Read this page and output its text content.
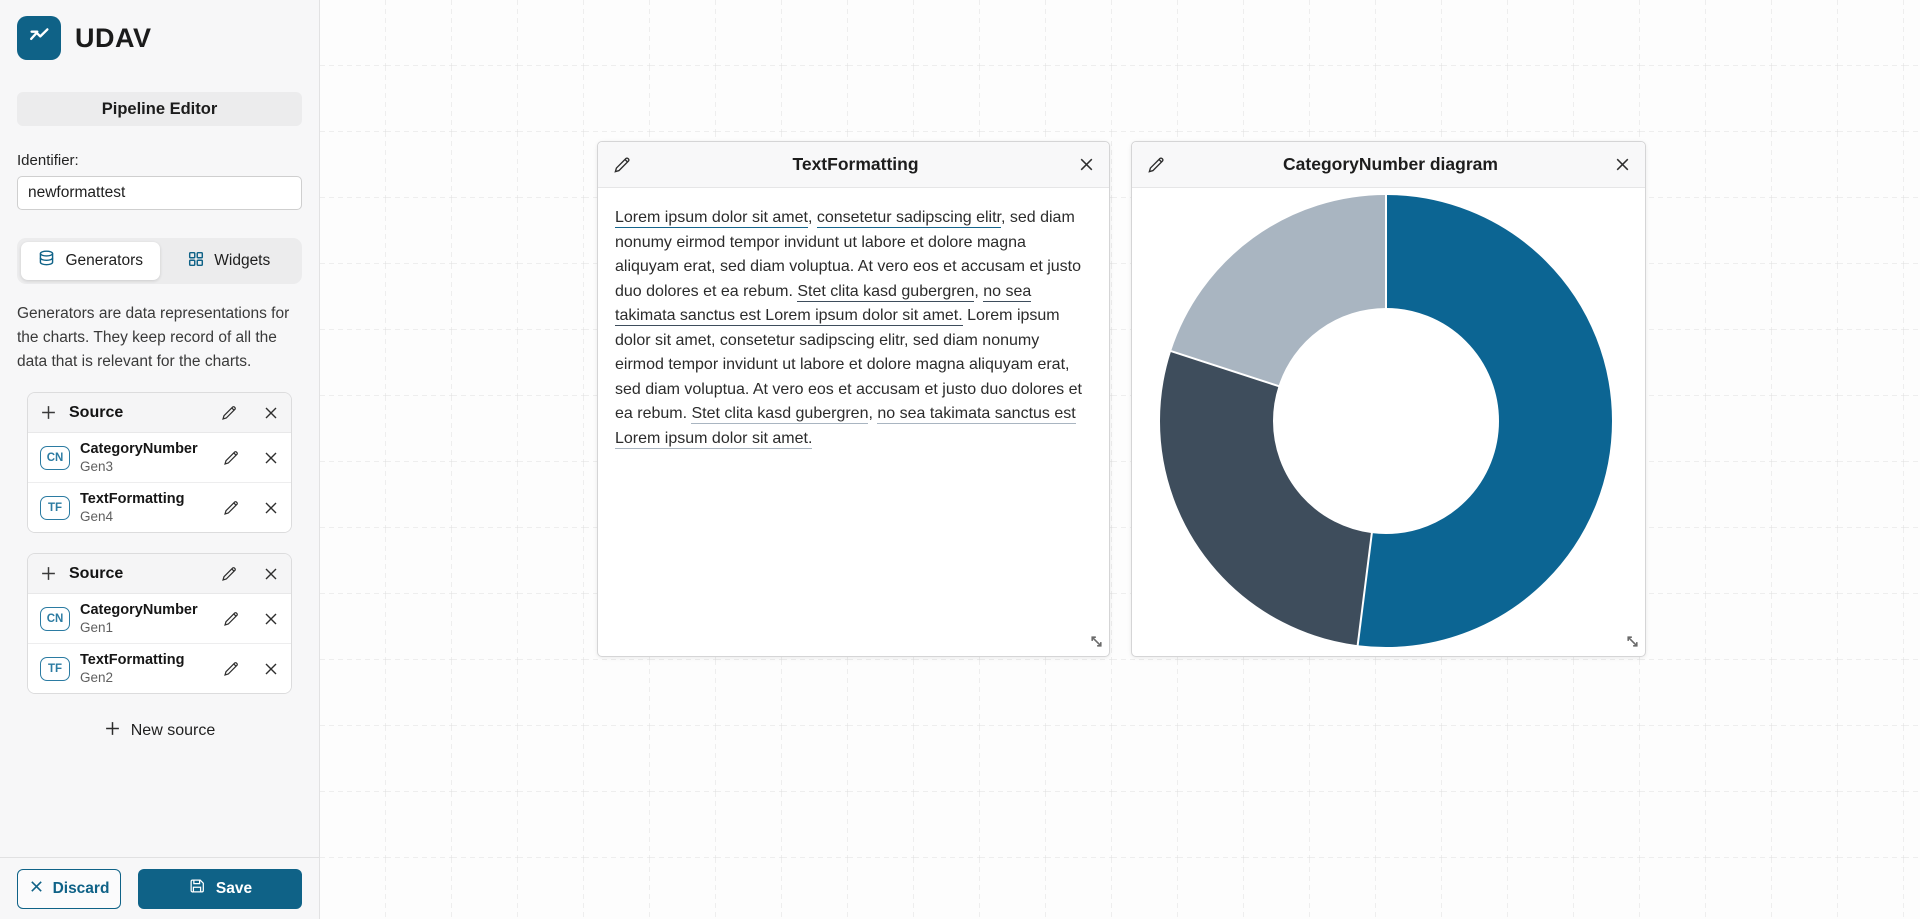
UDAV
Pipeline Editor
Identifier:
newformattest
Generators	Widgets
Generators are data representations for the charts. They keep record of all the data that is relevant for the charts.
Source
CN
CategoryNumber
Gen3
TF
TextFormatting
Gen4
Source
CN
CategoryNumber
Gen1
TF
TextFormatting
Gen2
New source
Discard	Save
TextFormatting

Lorem ipsum dolor sit amet, consetetur sadipscing elitr, sed diam nonumy eirmod tempor invidunt ut labore et dolore magna aliquyam erat, sed diam voluptua. At vero eos et accusam et justo duo dolores et ea rebum. Stet clita kasd gubergren, no sea takimata sanctus est Lorem ipsum dolor sit amet. Lorem ipsum dolor sit amet, consetetur sadipscing elitr, sed diam nonumy eirmod tempor invidunt ut labore et dolore magna aliquyam erat, sed diam voluptua. At vero eos et accusam et justo duo dolores et ea rebum. Stet clita kasd gubergren, no sea takimata sanctus est Lorem ipsum dolor sit amet.

CategoryNumber diagram
